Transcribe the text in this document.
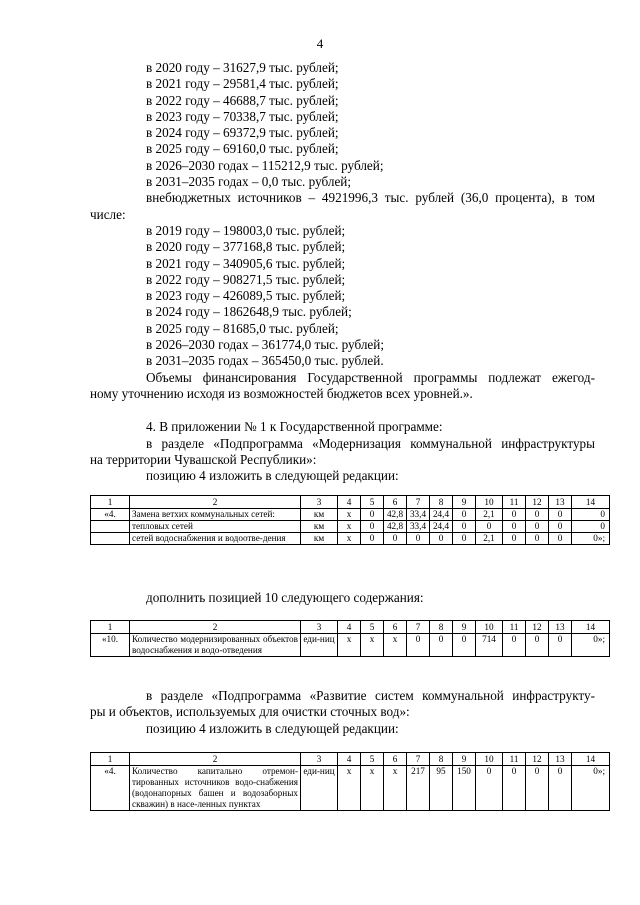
4
в 2020 году – 31627,9 тыс. рублей;
в 2021 году – 29581,4 тыс. рублей;
в 2022 году – 46688,7 тыс. рублей;
в 2023 году – 70338,7 тыс. рублей;
в 2024 году – 69372,9 тыс. рублей;
в 2025 году – 69160,0 тыс. рублей;
в 2026–2030 годах – 115212,9 тыс. рублей;
в 2031–2035 годах – 0,0 тыс. рублей;
внебюджетных источников – 4921996,3 тыс. рублей (36,0 процента), в том
числе:
в 2019 году – 198003,0 тыс. рублей;
в 2020 году – 377168,8 тыс. рублей;
в 2021 году – 340905,6 тыс. рублей;
в 2022 году – 908271,5 тыс. рублей;
в 2023 году – 426089,5 тыс. рублей;
в 2024 году – 1862648,9 тыс. рублей;
в 2025 году – 81685,0 тыс. рублей;
в 2026–2030 годах – 361774,0 тыс. рублей;
в 2031–2035 годах – 365450,0 тыс. рублей.
Объемы финансирования Государственной программы подлежат ежегод-
ному уточнению исходя из возможностей бюджетов всех уровней.».
4. В приложении № 1 к Государственной программе:
в разделе «Подпрограмма «Модернизация коммунальной инфраструктуры
на территории Чувашской Республики»:
позицию 4 изложить в следующей редакции:
1	2	3	4	5	6	7	8	9	10	11	12	13	14
«4.	Замена ветхих коммунальных сетей:	км	х	0	42,8	33,4	24,4	0	2,1	0	0	0	0
	тепловых сетей	км	х	0	42,8	33,4	24,4	0	0	0	0	0	0
	сетей водоснабжения и водоотве-дения	км	х	0	0	0	0	0	2,1	0	0	0	0»;
дополнить позицией 10 следующего содержания:
1	2	3	4	5	6	7	8	9	10	11	12	13	14
«10.	Количество модернизированных объектов водоснабжения и водо-отведения	еди-ниц	х	х	х	0	0	0	714	0	0	0	0»;
в разделе «Подпрограмма «Развитие систем коммунальной инфраструкту-
ры и объектов, используемых для очистки сточных вод»:
позицию 4 изложить в следующей редакции:
1	2	3	4	5	6	7	8	9	10	11	12	13	14
«4.	Количество капитально отремон-тированных источников водо-снабжения (водонапорных башен и водозаборных скважин) в насе-ленных пунктах	еди-ниц	х	х	х	217	95	150	0	0	0	0	0»;
